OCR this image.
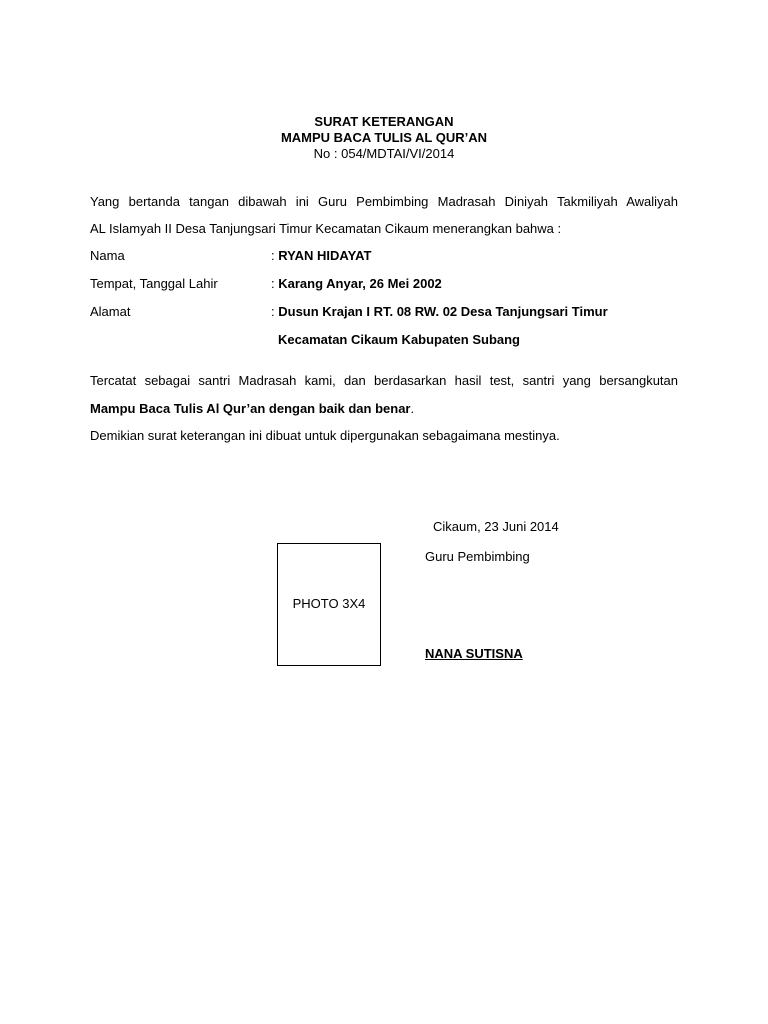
SURAT KETERANGAN
MAMPU BACA TULIS AL QUR’AN
No : 054/MDTAI/VI/2014
Yang bertanda tangan dibawah ini Guru Pembimbing Madrasah Diniyah Takmiliyah Awaliyah
AL Islamyah II Desa Tanjungsari Timur Kecamatan Cikaum menerangkan bahwa :
Nama	: RYAN HIDAYAT
Tempat, Tanggal Lahir	: Karang Anyar, 26 Mei 2002
Alamat	: Dusun Krajan I RT. 08 RW. 02 Desa Tanjungsari Timur
Kecamatan Cikaum Kabupaten Subang
Tercatat sebagai santri Madrasah kami, dan berdasarkan hasil test, santri yang bersangkutan
Mampu Baca Tulis Al Qur’an dengan baik dan benar.
Demikian surat keterangan ini dibuat untuk dipergunakan sebagaimana mestinya.
Cikaum, 23 Juni 2014
Guru Pembimbing
NANA SUTISNA
PHOTO 3X4
